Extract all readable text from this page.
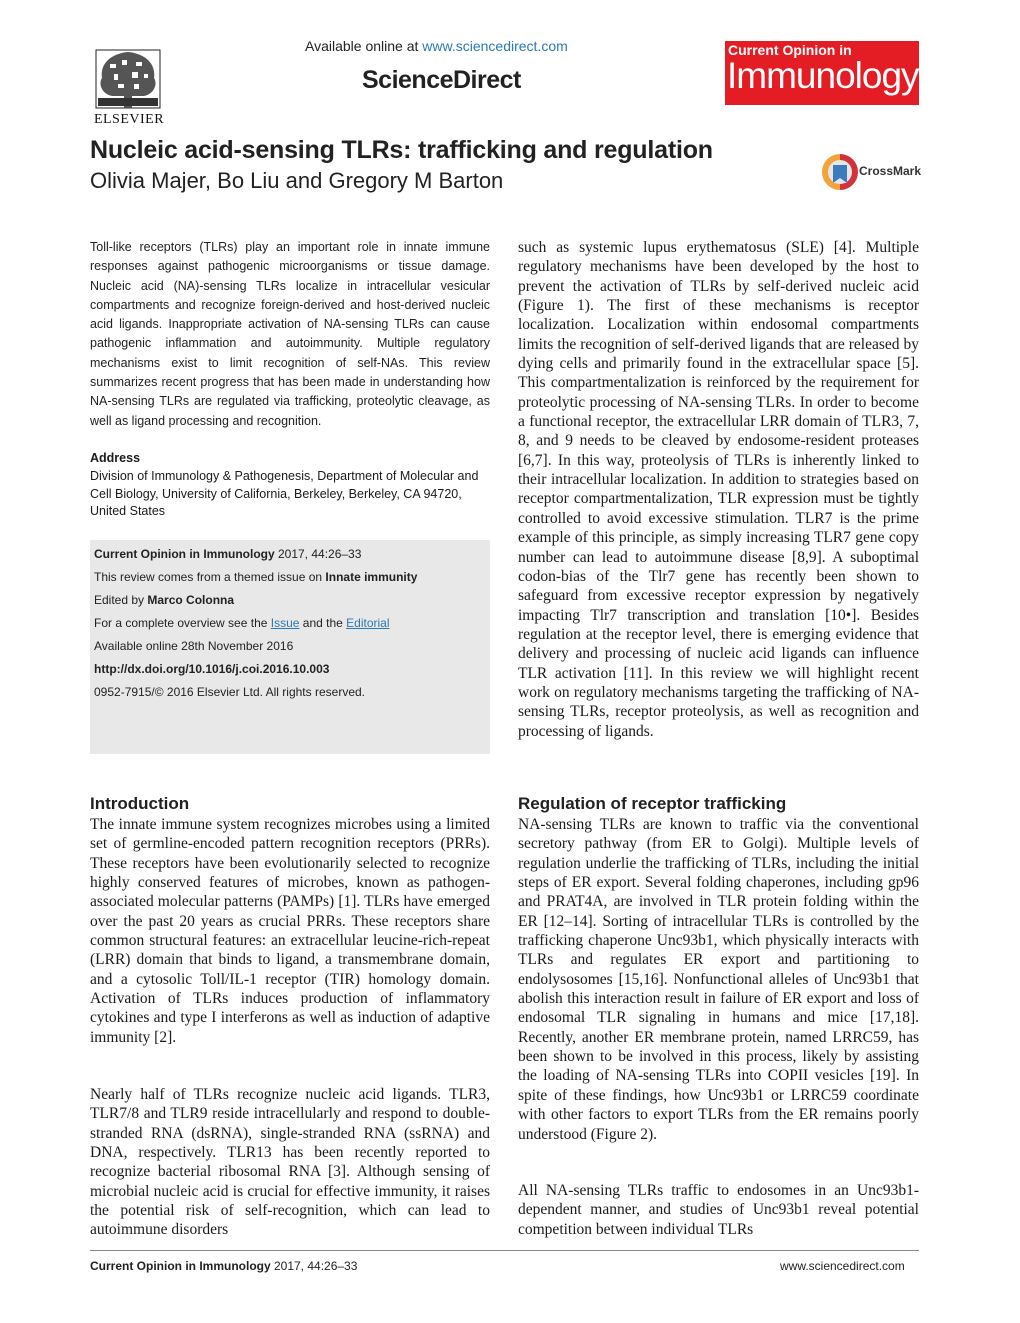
ELSEVIER
Available online at www.sciencedirect.com
ScienceDirect
Current Opinion in
Immunology
Nucleic acid-sensing TLRs: trafficking and regulation
Olivia Majer, Bo Liu and Gregory M Barton	CrossMark
Toll-like receptors (TLRs) play an important role in innate immune responses against pathogenic microorganisms or tissue damage. Nucleic acid (NA)-sensing TLRs localize in intracellular vesicular compartments and recognize foreign-derived and host-derived nucleic acid ligands. Inappropriate activation of NA-sensing TLRs can cause pathogenic inflammation and autoimmunity. Multiple regulatory mechanisms exist to limit recognition of self-NAs. This review summarizes recent progress that has been made in understanding how NA-sensing TLRs are regulated via trafficking, proteolytic cleavage, as well as ligand processing and recognition.
Address
Division of Immunology & Pathogenesis, Department of Molecular and
Cell Biology, University of California, Berkeley, Berkeley, CA 94720,
United States
Current Opinion in Immunology 2017, 44:26–33
This review comes from a themed issue on Innate immunity
Edited by Marco Colonna
For a complete overview see the Issue and the Editorial
Available online 28th November 2016
http://dx.doi.org/10.1016/j.coi.2016.10.003
0952-7915/© 2016 Elsevier Ltd. All rights reserved.
Introduction
The innate immune system recognizes microbes using a limited set of germline-encoded pattern recognition receptors (PRRs). These receptors have been evolutionarily selected to recognize highly conserved features of microbes, known as pathogen-associated molecular patterns (PAMPs) [1]. TLRs have emerged over the past 20 years as crucial PRRs. These receptors share common structural features: an extracellular leucine-rich-repeat (LRR) domain that binds to ligand, a transmembrane domain, and a cytosolic Toll/IL-1 receptor (TIR) homology domain. Activation of TLRs induces production of inflammatory cytokines and type I interferons as well as induction of adaptive immunity [2].
Nearly half of TLRs recognize nucleic acid ligands. TLR3, TLR7/8 and TLR9 reside intracellularly and respond to double-stranded RNA (dsRNA), single-stranded RNA (ssRNA) and DNA, respectively. TLR13 has been recently reported to recognize bacterial ribosomal RNA [3]. Although sensing of microbial nucleic acid is crucial for effective immunity, it raises the potential risk of self-recognition, which can lead to autoimmune disorders
such as systemic lupus erythematosus (SLE) [4]. Multiple regulatory mechanisms have been developed by the host to prevent the activation of TLRs by self-derived nucleic acid (Figure 1). The first of these mechanisms is receptor localization. Localization within endosomal compartments limits the recognition of self-derived ligands that are released by dying cells and primarily found in the extracellular space [5]. This compartmentalization is reinforced by the requirement for proteolytic processing of NA-sensing TLRs. In order to become a functional receptor, the extracellular LRR domain of TLR3, 7, 8, and 9 needs to be cleaved by endosome-resident proteases [6,7]. In this way, proteolysis of TLRs is inherently linked to their intracellular localization. In addition to strategies based on receptor compartmentalization, TLR expression must be tightly controlled to avoid excessive stimulation. TLR7 is the prime example of this principle, as simply increasing TLR7 gene copy number can lead to autoimmune disease [8,9]. A suboptimal codon-bias of the Tlr7 gene has recently been shown to safeguard from excessive receptor expression by negatively impacting Tlr7 transcription and translation [10•]. Besides regulation at the receptor level, there is emerging evidence that delivery and processing of nucleic acid ligands can influence TLR activation [11]. In this review we will highlight recent work on regulatory mechanisms targeting the trafficking of NA-sensing TLRs, receptor proteolysis, as well as recognition and processing of ligands.
Regulation of receptor trafficking
NA-sensing TLRs are known to traffic via the conventional secretory pathway (from ER to Golgi). Multiple levels of regulation underlie the trafficking of TLRs, including the initial steps of ER export. Several folding chaperones, including gp96 and PRAT4A, are involved in TLR protein folding within the ER [12–14]. Sorting of intracellular TLRs is controlled by the trafficking chaperone Unc93b1, which physically interacts with TLRs and regulates ER export and partitioning to endolysosomes [15,16]. Nonfunctional alleles of Unc93b1 that abolish this interaction result in failure of ER export and loss of endosomal TLR signaling in humans and mice [17,18]. Recently, another ER membrane protein, named LRRC59, has been shown to be involved in this process, likely by assisting the loading of NA-sensing TLRs into COPII vesicles [19]. In spite of these findings, how Unc93b1 or LRRC59 coordinate with other factors to export TLRs from the ER remains poorly understood (Figure 2).
All NA-sensing TLRs traffic to endosomes in an Unc93b1-dependent manner, and studies of Unc93b1 reveal potential competition between individual TLRs
Current Opinion in Immunology 2017, 44:26–33	www.sciencedirect.com
